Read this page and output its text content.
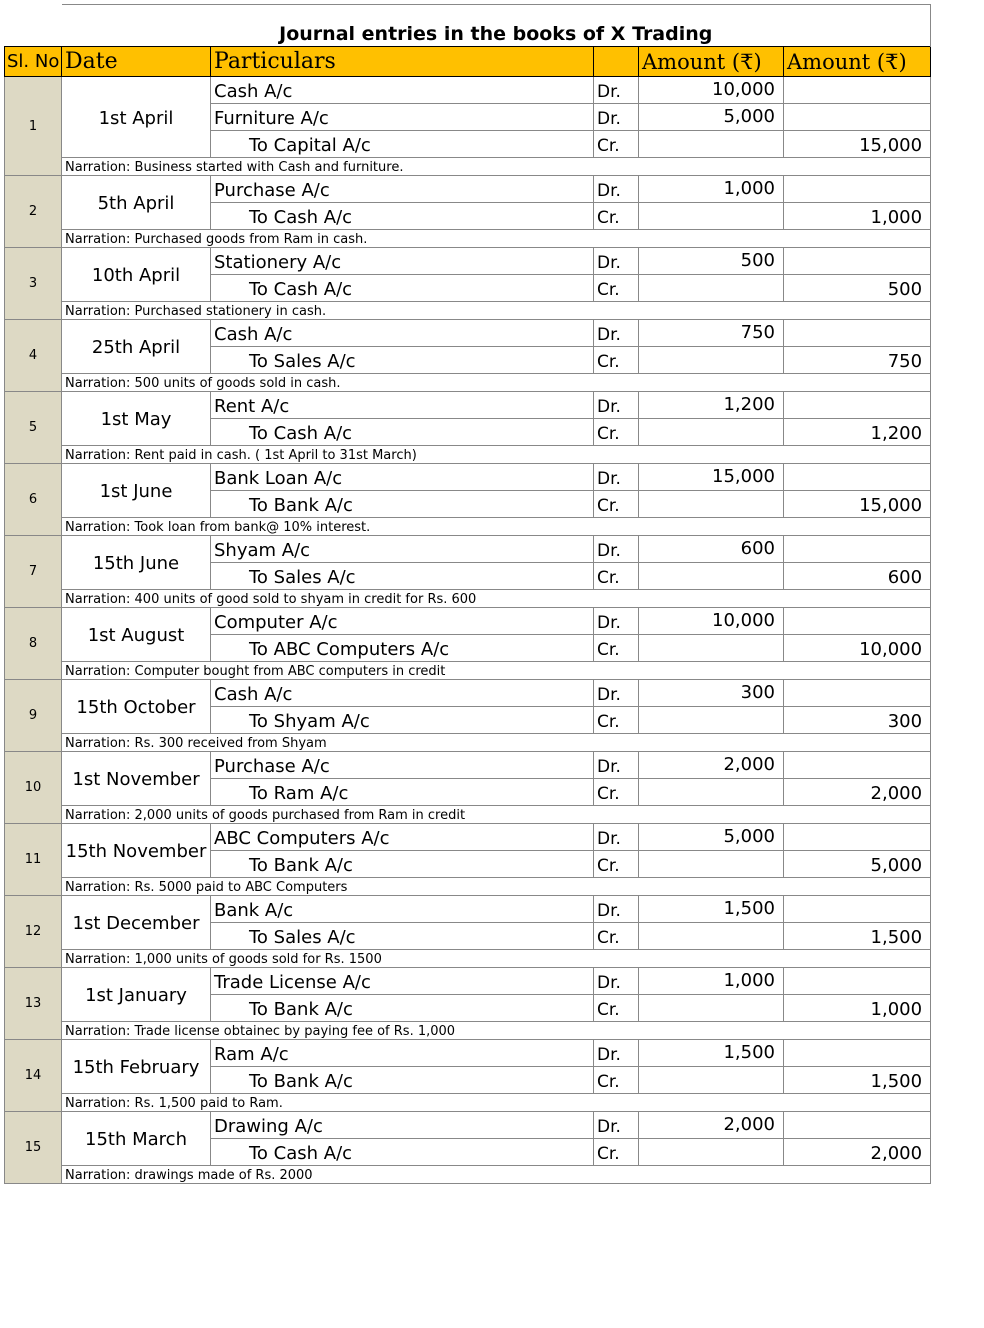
	Journal entries in the books of X Trading				
Sl. No	Date	Particulars		Amount (₹)	Amount (₹)
1	1st April	Cash A/c	Dr.	10,000	
		Furniture A/c	Dr.	5,000	
		To Capital A/c	Cr.		15,000
	Narration: Business started with Cash and furniture.				
2	5th April	Purchase A/c	Dr.	1,000	
		To Cash A/c	Cr.		1,000
	Narration: Purchased goods from Ram in cash.				
3	10th April	Stationery A/c	Dr.	500	
		To Cash A/c	Cr.		500
	Narration: Purchased stationery in cash.				
4	25th April	Cash A/c	Dr.	750	
		To Sales A/c	Cr.		750
	Narration: 500 units of goods sold in cash.				
5	1st May	Rent A/c	Dr.	1,200	
		To Cash A/c	Cr.		1,200
	Narration: Rent paid in cash. ( 1st April to 31st March)				
6	1st June	Bank Loan A/c	Dr.	15,000	
		To Bank A/c	Cr.		15,000
	Narration: Took loan from bank@ 10% interest.				
7	15th June	Shyam A/c	Dr.	600	
		To Sales A/c	Cr.		600
	Narration: 400 units of good sold to shyam in credit for Rs. 600				
8	1st August	Computer A/c	Dr.	10,000	
		To ABC Computers A/c	Cr.		10,000
	Narration: Computer bought from ABC computers in credit				
9	15th October	Cash A/c	Dr.	300	
		To Shyam A/c	Cr.		300
	Narration: Rs. 300 received from Shyam				
10	1st November	Purchase A/c	Dr.	2,000	
		To Ram A/c	Cr.		2,000
	Narration: 2,000 units of goods purchased from Ram in credit				
11	15th November	ABC Computers A/c	Dr.	5,000	
		To Bank A/c	Cr.		5,000
	Narration: Rs. 5000 paid to ABC Computers				
12	1st December	Bank A/c	Dr.	1,500	
		To Sales A/c	Cr.		1,500
	Narration: 1,000 units of goods sold for Rs. 1500				
13	1st January	Trade License A/c	Dr.	1,000	
		To Bank A/c	Cr.		1,000
	Narration: Trade license obtainec by paying fee of Rs. 1,000				
14	15th February	Ram A/c	Dr.	1,500	
		To Bank A/c	Cr.		1,500
	Narration: Rs. 1,500 paid to Ram.				
15	15th March	Drawing A/c	Dr.	2,000	
		To Cash A/c	Cr.		2,000
	Narration: drawings made of Rs. 2000				
